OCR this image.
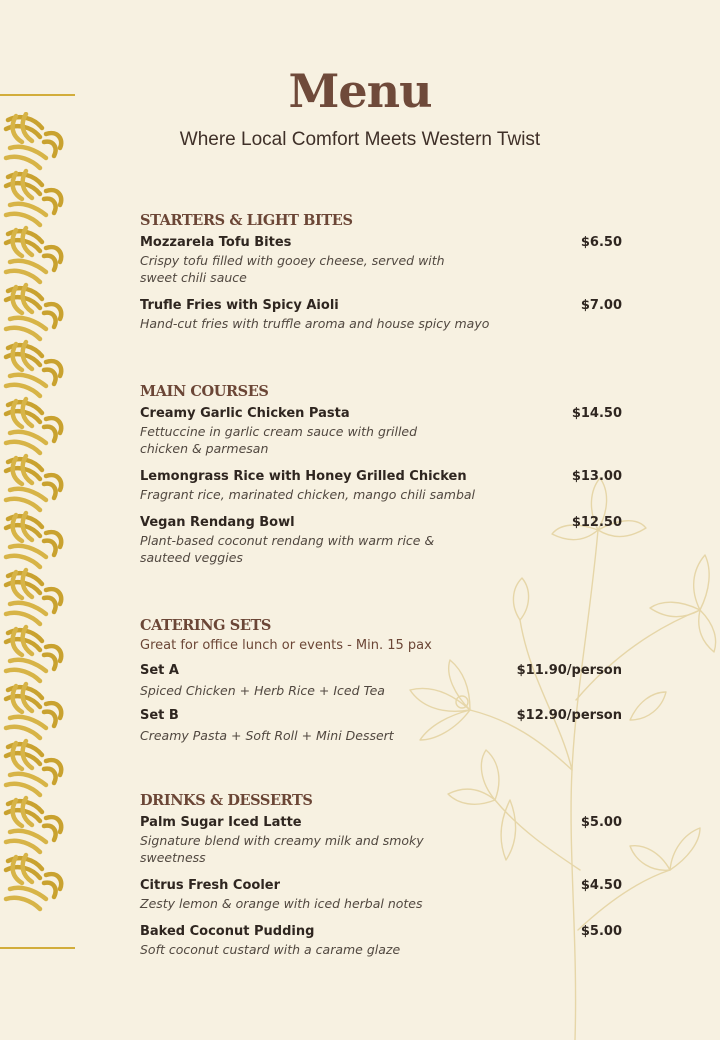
Menu
Where Local Comfort Meets Western Twist
STARTERS & LIGHT BITES
Mozzarela Tofu Bites	$6.50
Crispy tofu filled with gooey cheese, served with sweet chili sauce
Trufle Fries with Spicy Aioli	$7.00
Hand-cut fries with truffle aroma and house spicy mayo
MAIN COURSES
Creamy Garlic Chicken Pasta	$14.50
Fettuccine in garlic cream sauce with grilled chicken & parmesan
Lemongrass Rice with Honey Grilled Chicken	$13.00
Fragrant rice, marinated chicken, mango chili sambal
Vegan Rendang Bowl	$12.50
Plant-based coconut rendang with warm rice & sauteed veggies
CATERING SETS
Great for office lunch or events - Min. 15 pax
Set A	$11.90/person
Spiced Chicken + Herb Rice + Iced Tea
Set B	$12.90/person
Creamy Pasta + Soft Roll + Mini Dessert
DRINKS & DESSERTS
Palm Sugar Iced Latte	$5.00
Signature blend with creamy milk and smoky sweetness
Citrus Fresh Cooler	$4.50
Zesty lemon & orange with iced herbal notes
Baked Coconut Pudding	$5.00
Soft coconut custard with a carame glaze
